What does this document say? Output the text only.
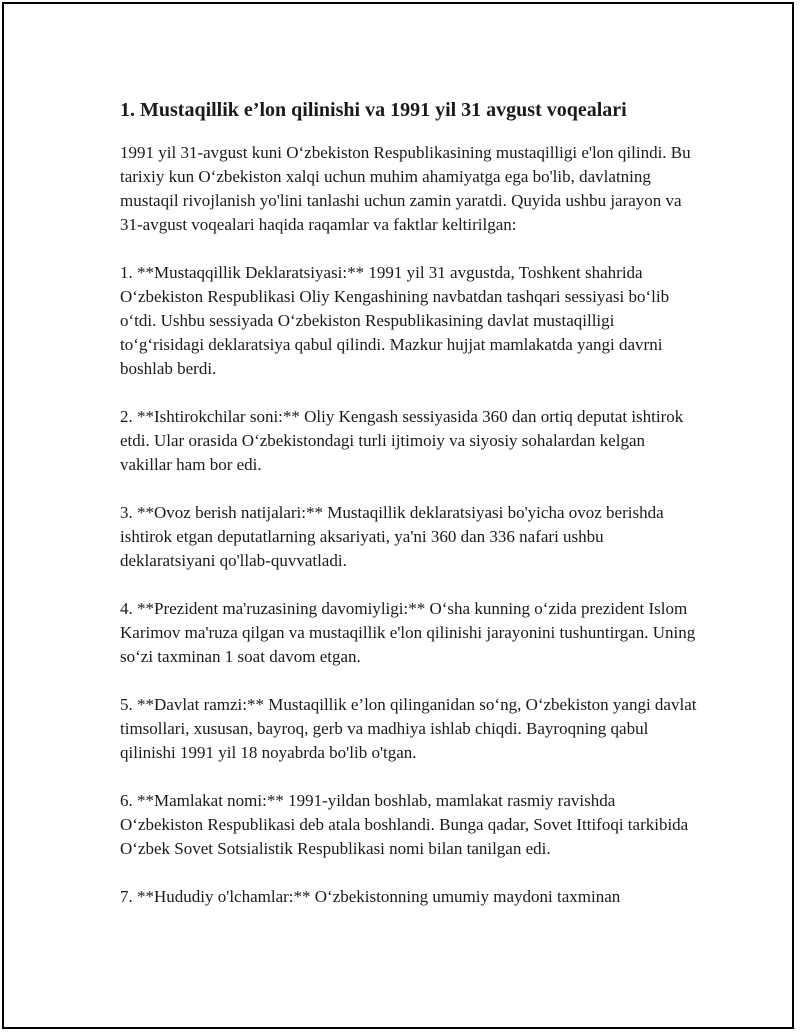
1. Mustaqillik e’lon qilinishi va 1991 yil 31 avgust voqealari

1991 yil 31-avgust kuni O‘zbekiston Respublikasining mustaqilligi e'lon qilindi. Bu tarixiy kun O‘zbekiston xalqi uchun muhim ahamiyatga ega bo'lib, davlatning mustaqil rivojlanish yo'lini tanlashi uchun zamin yaratdi. Quyida ushbu jarayon va 31-avgust voqealari haqida raqamlar va faktlar keltirilgan:

1. **Mustaqqillik Deklaratsiyasi:** 1991 yil 31 avgustda, Toshkent shahrida O‘zbekiston Respublikasi Oliy Kengashining navbatdan tashqari sessiyasi bo‘lib o‘tdi. Ushbu sessiyada O‘zbekiston Respublikasining davlat mustaqilligi to‘g‘risidagi deklaratsiya qabul qilindi. Mazkur hujjat mamlakatda yangi davrni boshlab berdi.

2. **Ishtirokchilar soni:** Oliy Kengash sessiyasida 360 dan ortiq deputat ishtirok etdi. Ular orasida O‘zbekistondagi turli ijtimoiy va siyosiy sohalardan kelgan vakillar ham bor edi.

3. **Ovoz berish natijalari:** Mustaqillik deklaratsiyasi bo'yicha ovoz berishda ishtirok etgan deputatlarning aksariyati, ya'ni 360 dan 336 nafari ushbu deklaratsiyani qo'llab-quvvatladi.

4. **Prezident ma'ruzasining davomiyligi:** O‘sha kunning o‘zida prezident Islom Karimov ma'ruza qilgan va mustaqillik e'lon qilinishi jarayonini tushuntirgan. Uning so‘zi taxminan 1 soat davom etgan.

5. **Davlat ramzi:** Mustaqillik e’lon qilinganidan so‘ng, O‘zbekiston yangi davlat timsollari, xususan, bayroq, gerb va madhiya ishlab chiqdi. Bayroqning qabul qilinishi 1991 yil 18 noyabrda bo'lib o'tgan.

6. **Mamlakat nomi:** 1991-yildan boshlab, mamlakat rasmiy ravishda O‘zbekiston Respublikasi deb atala boshlandi. Bunga qadar, Sovet Ittifoqi tarkibida O‘zbek Sovet Sotsialistik Respublikasi nomi bilan tanilgan edi.

7. **Hududiy o'lchamlar:** O‘zbekistonning umumiy maydoni taxminan
